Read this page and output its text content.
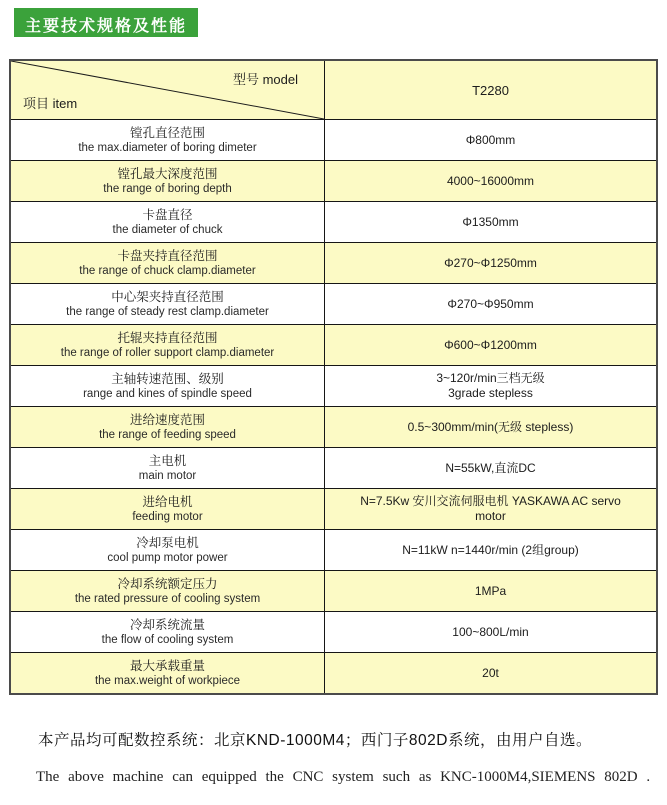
主要技术规格及性能
型号 model
项目 item
T2280
镗孔直径范围
the max.diameter of boring dimeter
Φ800mm
镗孔最大深度范围
the range of boring depth
4000~16000mm
卡盘直径
the diameter of chuck
Φ1350mm
卡盘夹持直径范围
the range of chuck clamp.diameter
Φ270~Φ1250mm
中心架夹持直径范围
the range of steady rest clamp.diameter
Φ270~Φ950mm
托辊夹持直径范围
the range of roller support clamp.diameter
Φ600~Φ1200mm
主轴转速范围、级别
range and kines of spindle speed
3~120r/min三档无级
3grade stepless
进给速度范围
the range of feeding speed
0.5~300mm/min(无级 stepless)
主电机
main motor
N=55kW,直流DC
进给电机
feeding motor
N=7.5Kw 安川交流伺服电机 YASKAWA AC servo
motor
冷却泵电机
cool pump motor power
N=11kW n=1440r/min (2组group)
冷却系统额定压力
the rated pressure of cooling system
1MPa
冷却系统流量
the flow of cooling system
100~800L/min
最大承载重量
the max.weight of workpiece
20t
本产品均可配数控系统：北京KND-1000M4；西门子802D系统，由用户自选。
The above machine can equipped the CNC system such as KNC-1000M4,SIEMENS 802D .
